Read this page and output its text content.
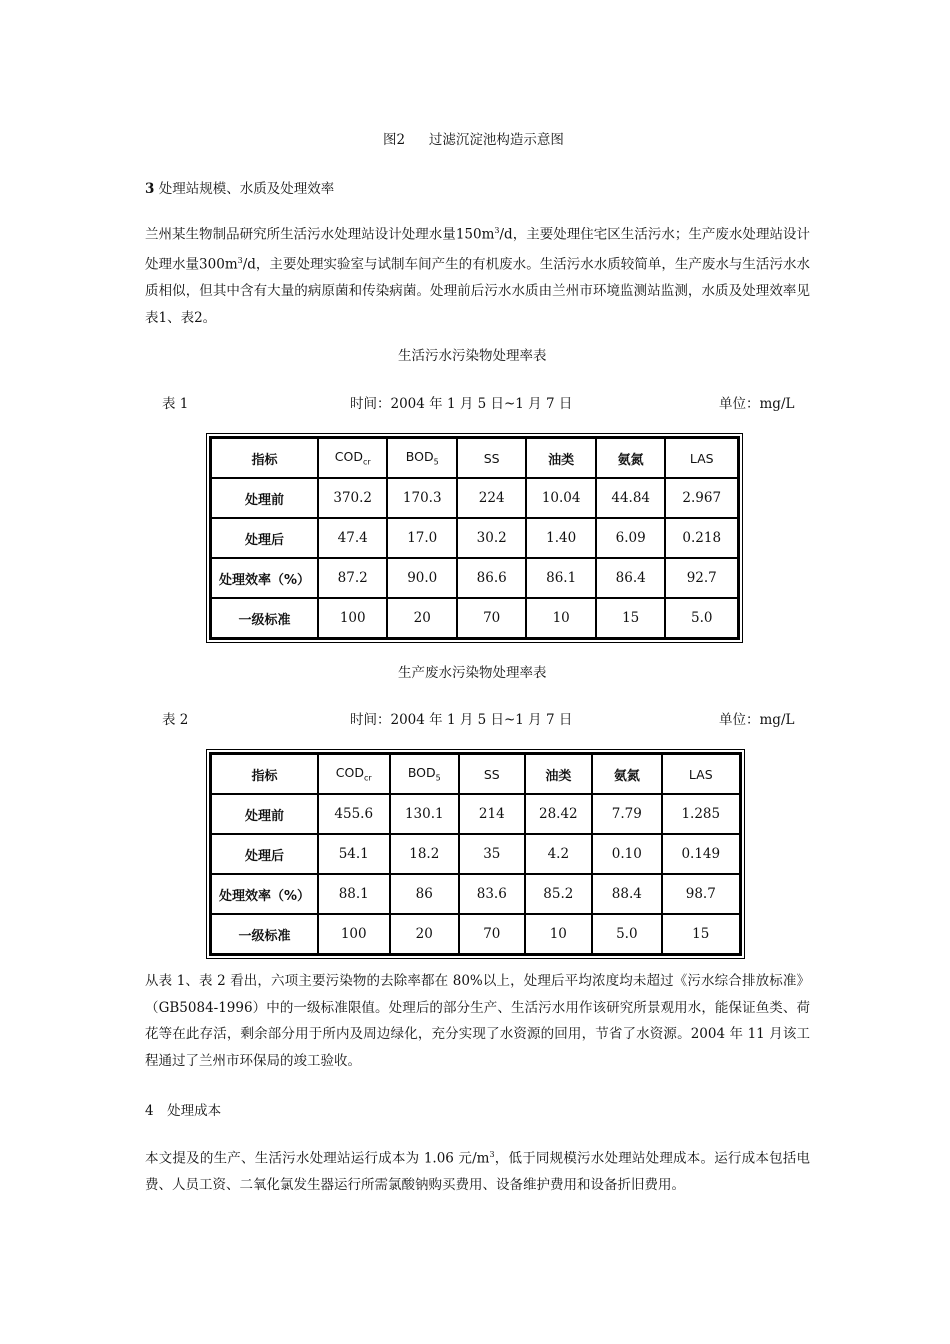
图2　 过滤沉淀池构造示意图
3 处理站规模、水质及处理效率
兰州某生物制品研究所生活污水处理站设计处理水量$150m^3/d$，主要处理住宅区生活污水；生产废水处理站设计处理水量$300m^3/d$，主要处理实验室与试制车间产生的有机废水。生活污水水质较简单，生产废水与生活污水水质相似，但其中含有大量的病原菌和传染病菌。处理前后污水水质由兰州市环境监测站监测，水质及处理效率见表1、表2。
生活污水污染物处理率表
表 1	时间：2004 年 1 月 5 日~1 月 7 日	单位：mg/L
指标	$COD_{cr}$	$BOD_5$	SS	油类	氨氮	LAS
处理前	370.2	170.3	224	10.04	44.84	2.967
处理后	47.4	17.0	30.2	1.40	6.09	0.218
处理效率（%）	87.2	90.0	86.6	86.1	86.4	92.7
一级标准	100	20	70	10	15	5.0
生产废水污染物处理率表
表 2	时间：2004 年 1 月 5 日~1 月 7 日	单位：mg/L
指标	$COD_{cr}$	$BOD_5$	SS	油类	氨氮	LAS
处理前	455.6	130.1	214	28.42	7.79	1.285
处理后	54.1	18.2	35	4.2	0.10	0.149
处理效率（%）	88.1	86	83.6	85.2	88.4	98.7
一级标准	100	20	70	10	5.0	15
从表 1、表 2 看出，六项主要污染物的去除率都在 80%以上，处理后平均浓度均未超过《污水综合排放标准》（GB5084-1996）中的一级标准限值。处理后的部分生产、生活污水用作该研究所景观用水，能保证鱼类、荷花等在此存活，剩余部分用于所内及周边绿化，充分实现了水资源的回用，节省了水资源。2004 年 11 月该工程通过了兰州市环保局的竣工验收。
4　处理成本
本文提及的生产、生活污水处理站运行成本为 1.06 元$/m^3$，低于同规模污水处理站处理成本。运行成本包括电费、人员工资、二氧化氯发生器运行所需氯酸钠购买费用、设备维护费用和设备折旧费用。
